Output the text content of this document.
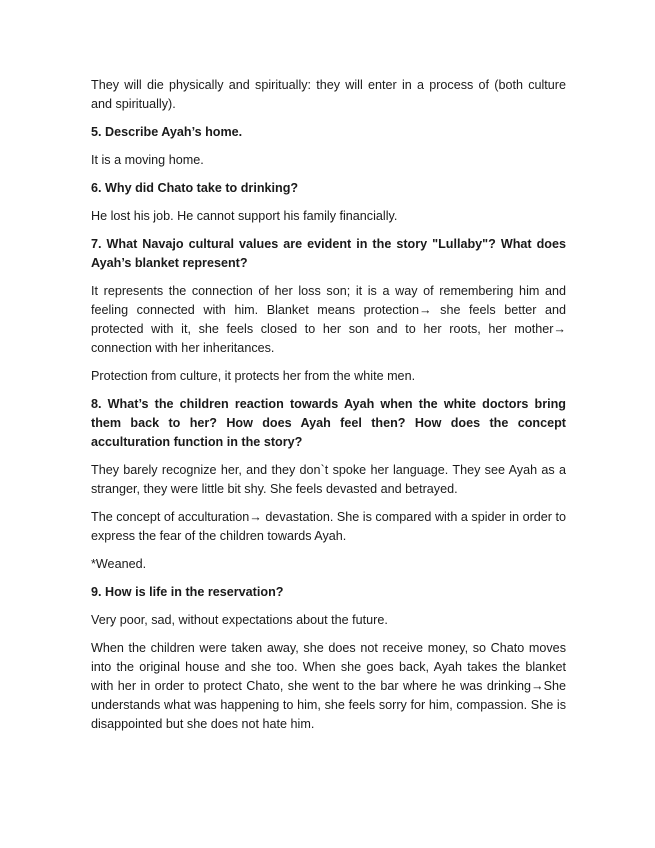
They will die physically and spiritually: they will enter in a process of (both culture and spiritually).

5. Describe Ayah’s home.

It is a moving home.

6. Why did Chato take to drinking?

He lost his job. He cannot support his family financially.

7. What Navajo cultural values are evident in the story "Lullaby"? What does Ayah’s blanket represent?

It represents the connection of her loss son; it is a way of remembering him and feeling connected with him. Blanket means protection→ she feels better and protected with it, she feels closed to her son and to her roots, her mother→ connection with her inheritances.

Protection from culture, it protects her from the white men.

8. What’s the children reaction towards Ayah when the white doctors bring them back to her? How does Ayah feel then? How does the concept acculturation function in the story?

They barely recognize her, and they don`t spoke her language. They see Ayah as a stranger, they were little bit shy. She feels devasted and betrayed.

The concept of acculturation→ devastation. She is compared with a spider in order to express the fear of the children towards Ayah.

*Weaned.

9. How is life in the reservation?

Very poor, sad, without expectations about the future.

When the children were taken away, she does not receive money, so Chato moves into the original house and she too. When she goes back, Ayah takes the blanket with her in order to protect Chato, she went to the bar where he was drinking→She understands what was happening to him, she feels sorry for him, compassion. She is disappointed but she does not hate him.
